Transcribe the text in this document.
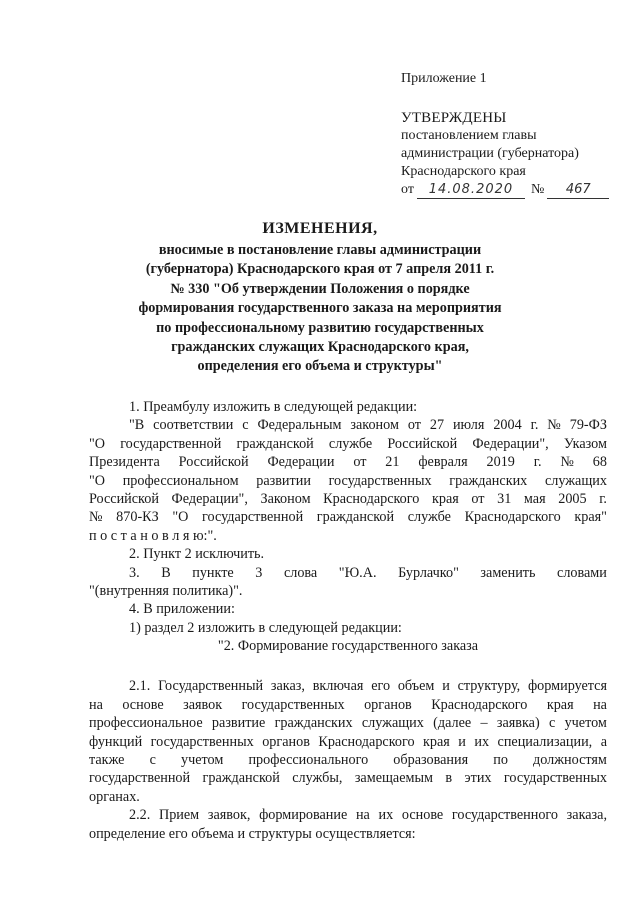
Приложение 1
УТВЕРЖДЕНЫ
постановлением главы
администрации (губернатора)
Краснодарского края
от 14.08.2020 № 467
ИЗМЕНЕНИЯ,
вносимые в постановление главы администрации
(губернатора) Краснодарского края от 7 апреля 2011 г.
№ 330 "Об утверждении Положения о порядке
формирования государственного заказа на мероприятия
по профессиональному развитию государственных
гражданских служащих Краснодарского края,
определения его объема и структуры"
1. Преамбулу изложить в следующей редакции:
"В соответствии с Федеральным законом от 27 июля 2004 г. № 79-ФЗ
"О государственной гражданской службе Российской Федерации", Указом
Президента Российской Федерации от 21 февраля 2019 г. № 68
"О профессиональном развитии государственных гражданских служащих
Российской Федерации", Законом Краснодарского края от 31 мая 2005 г.
№ 870-КЗ "О государственной гражданской службе Краснодарского края"
п о с т а н о в л я ю:".
2. Пункт 2 исключить.
3. В пункте 3 слова "Ю.А. Бурлачко" заменить словами
"(внутренняя политика)".
4. В приложении:
1) раздел 2 изложить в следующей редакции:
"2. Формирование государственного заказа
2.1. Государственный заказ, включая его объем и структуру, формируется
на основе заявок государственных органов Краснодарского края на
профессиональное развитие гражданских служащих (далее – заявка) с учетом
функций государственных органов Краснодарского края и их специализации, а
также с учетом профессионального образования по должностям
государственной гражданской службы, замещаемым в этих государственных
органах.
2.2. Прием заявок, формирование на их основе государственного заказа,
определение его объема и структуры осуществляется:
